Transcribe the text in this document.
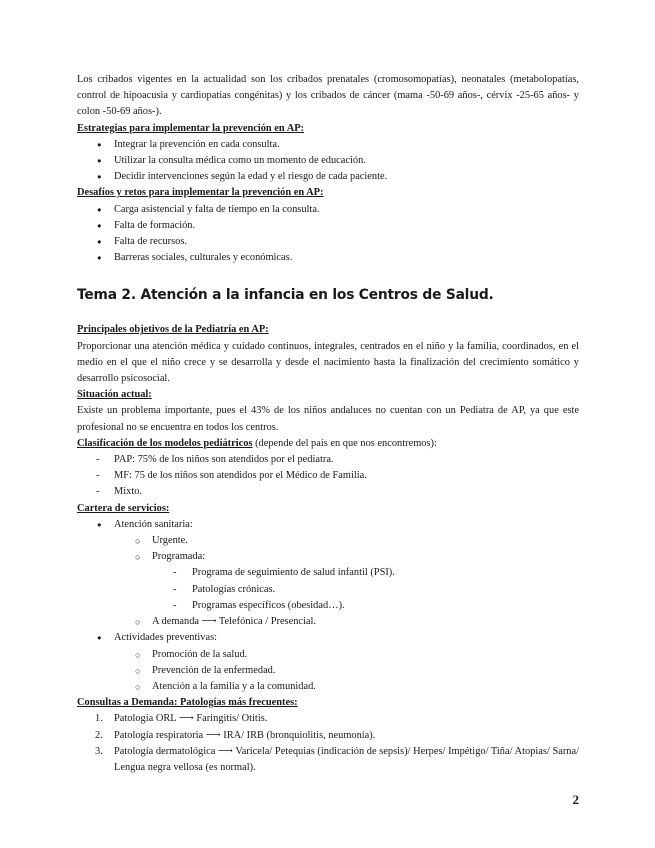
Los cribados vigentes en la actualidad son los cribados prenatales (cromosomopatías), neonatales (metabolopatías, control de hipoacusia y cardiopatías congénitas) y los cribados de cáncer (mama -50-69 años-, cérvix -25-65 años- y colon -50-69 años-).

Estrategias para implementar la prevención en AP:

● Integrar la prevención en cada consulta.
● Utilizar la consulta médica como un momento de educación.
● Decidir intervenciones según la edad y el riesgo de cada paciente.

Desafíos y retos para implementar la prevención en AP:

● Carga asistencial y falta de tiempo en la consulta.
● Falta de formación.
● Falta de recursos.
● Barreras sociales, culturales y económicas.

Tema 2. Atención a la infancia en los Centros de Salud.

Principales objetivos de la Pediatría en AP:

Proporcionar una atención médica y cuidado continuos, integrales, centrados en el niño y la familia, coordinados, en el medio en el que el niño crece y se desarrolla y desde el nacimiento hasta la finalización del crecimiento somático y desarrollo psicosocial.

Situación actual:

Existe un problema importante, pues el 43% de los niños andaluces no cuentan con un Pediatra de AP, ya que este profesional no se encuentra en todos los centros.

Clasificación de los modelos pediátricos (depende del país en que nos encontremos):

- PAP: 75% de los niños son atendidos por el pediatra.
- MF: 75 de los niños son atendidos por el Médico de Familia.
- Mixto.

Cartera de servicios:

● Atención sanitaria:
○ Urgente.
○ Programada:
- Programa de seguimiento de salud infantil (PSI).
- Patologías crónicas.
- Programas específicos (obesidad…).
○ A demanda ⟶ Telefónica / Presencial.
● Actividades preventivas:
○ Promoción de la salud.
○ Prevención de la enfermedad.
○ Atención a la familia y a la comunidad.

Consultas a Demanda: Patologías más frecuentes:

1. Patología ORL ⟶ Faringitis/ Otitis.
2. Patología respiratoria ⟶ IRA/ IRB (bronquiolitis, neumonía).
3. Patología dermatológica ⟶ Varicela/ Petequias (indicación de sepsis)/ Herpes/ Impétigo/ Tiña/ Atopias/ Sarna/ Lengua negra vellosa (es normal).
2
